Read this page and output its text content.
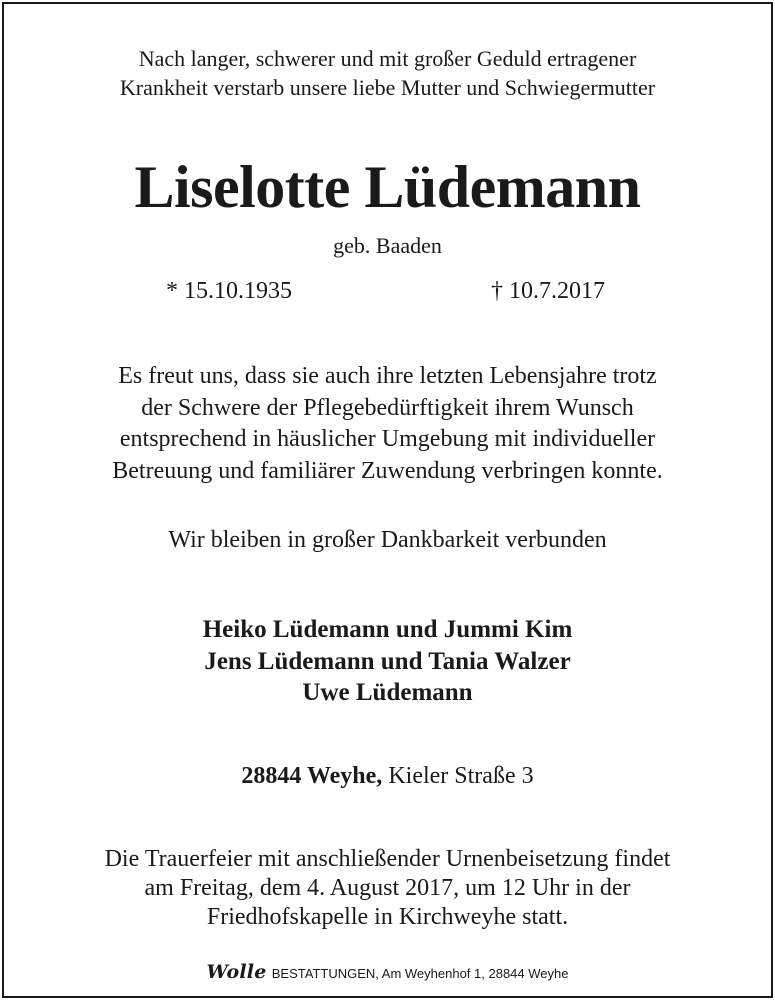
Nach langer, schwerer und mit großer Geduld ertragener
Krankheit verstarb unsere liebe Mutter und Schwiegermutter
Liselotte Lüdemann
geb. Baaden
* 15.10.1935	† 10.7.2017
Es freut uns, dass sie auch ihre letzten Lebensjahre trotz
der Schwere der Pflegebedürftigkeit ihrem Wunsch
entsprechend in häuslicher Umgebung mit individueller
Betreuung und familiärer Zuwendung verbringen konnte.
Wir bleiben in großer Dankbarkeit verbunden
Heiko Lüdemann und Jummi Kim
Jens Lüdemann und Tania Walzer
Uwe Lüdemann
28844 Weyhe, Kieler Straße 3
Die Trauerfeier mit anschließender Urnenbeisetzung findet
am Freitag, dem 4. August 2017, um 12 Uhr in der
Friedhofskapelle in Kirchweyhe statt.
Wolle BESTATTUNGEN, Am Weyhenhof 1, 28844 Weyhe
